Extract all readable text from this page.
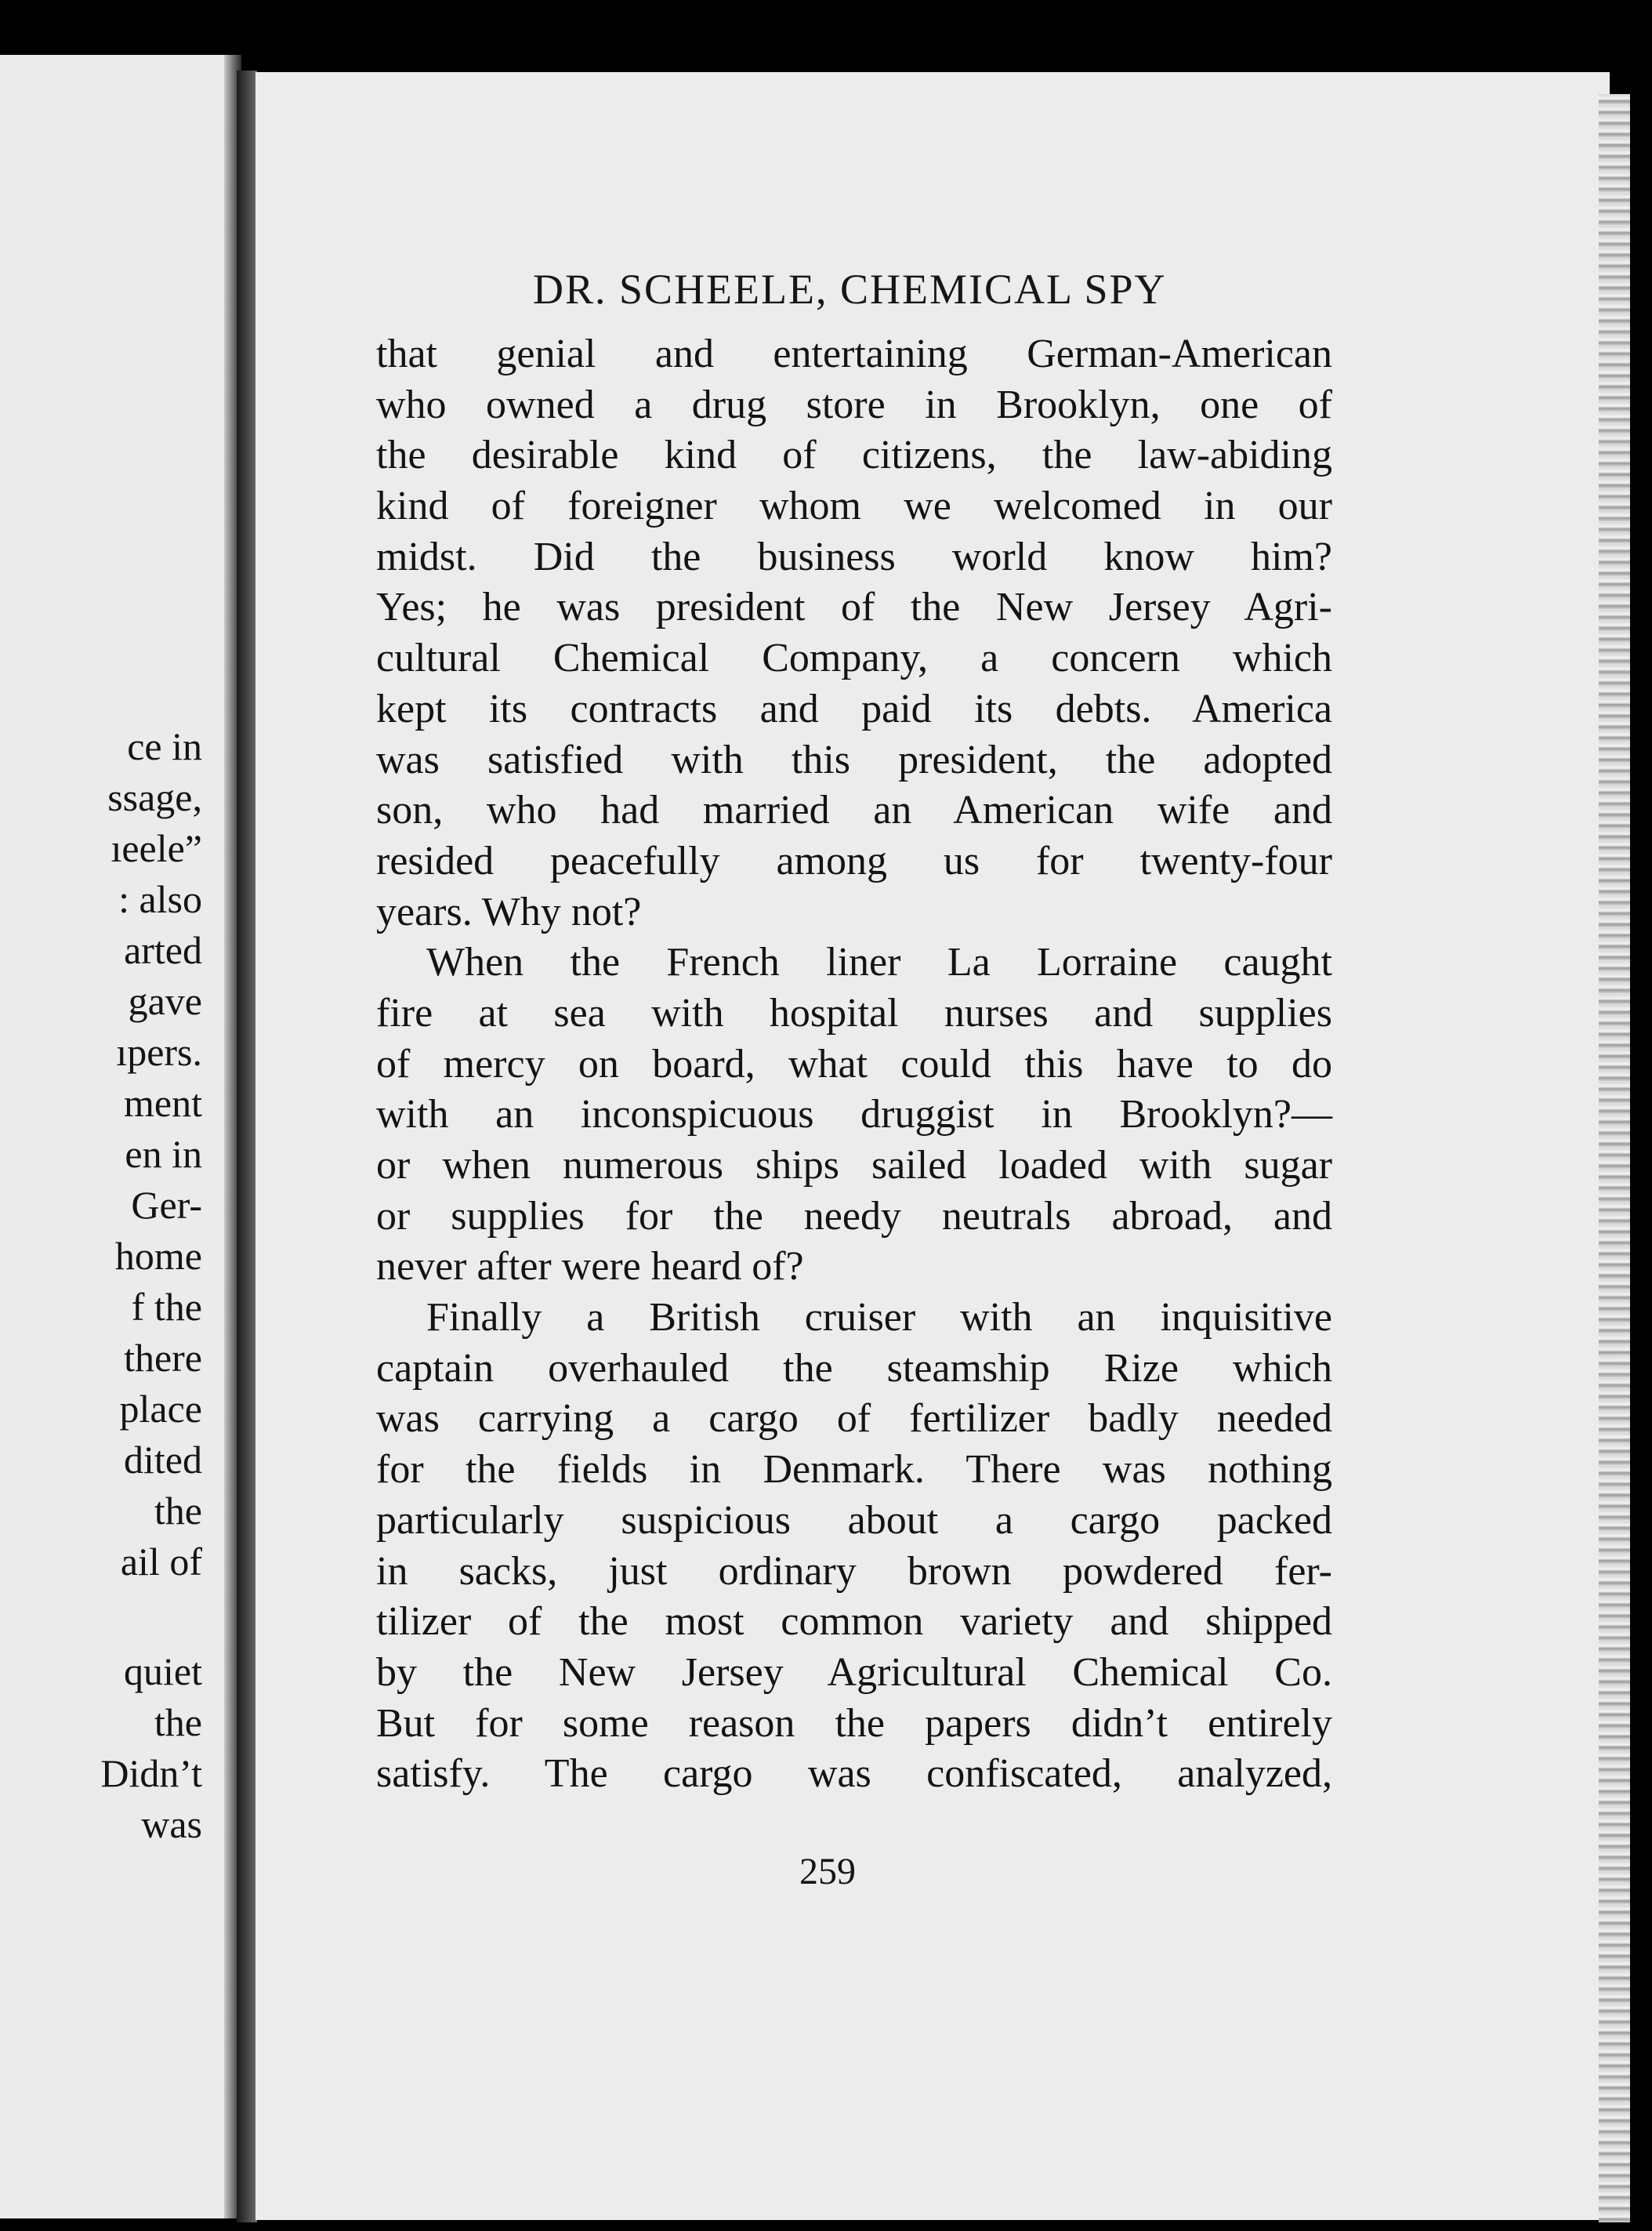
ce in
ssage,
ıeele”
: also
arted
gave
ıpers.
ment
en in
Ger-
home
f the
there
place
dited
the
ail of
quiet
the
Didn’t
was
DR. SCHEELE, CHEMICAL SPY
that genial and entertaining German-American
who owned a drug store in Brooklyn, one of
the desirable kind of citizens, the law-abiding
kind of foreigner whom we welcomed in our
midst. Did the business world know him?
Yes; he was president of the New Jersey Agri-
cultural Chemical Company, a concern which
kept its contracts and paid its debts. America
was satisfied with this president, the adopted
son, who had married an American wife and
resided peacefully among us for twenty-four
years. Why not?
When the French liner La Lorraine caught
fire at sea with hospital nurses and supplies
of mercy on board, what could this have to do
with an inconspicuous druggist in Brooklyn?—
or when numerous ships sailed loaded with sugar
or supplies for the needy neutrals abroad, and
never after were heard of?
Finally a British cruiser with an inquisitive
captain overhauled the steamship Rize which
was carrying a cargo of fertilizer badly needed
for the fields in Denmark. There was nothing
particularly suspicious about a cargo packed
in sacks, just ordinary brown powdered fer-
tilizer of the most common variety and shipped
by the New Jersey Agricultural Chemical Co.
But for some reason the papers didn’t entirely
satisfy. The cargo was confiscated, analyzed,
259
